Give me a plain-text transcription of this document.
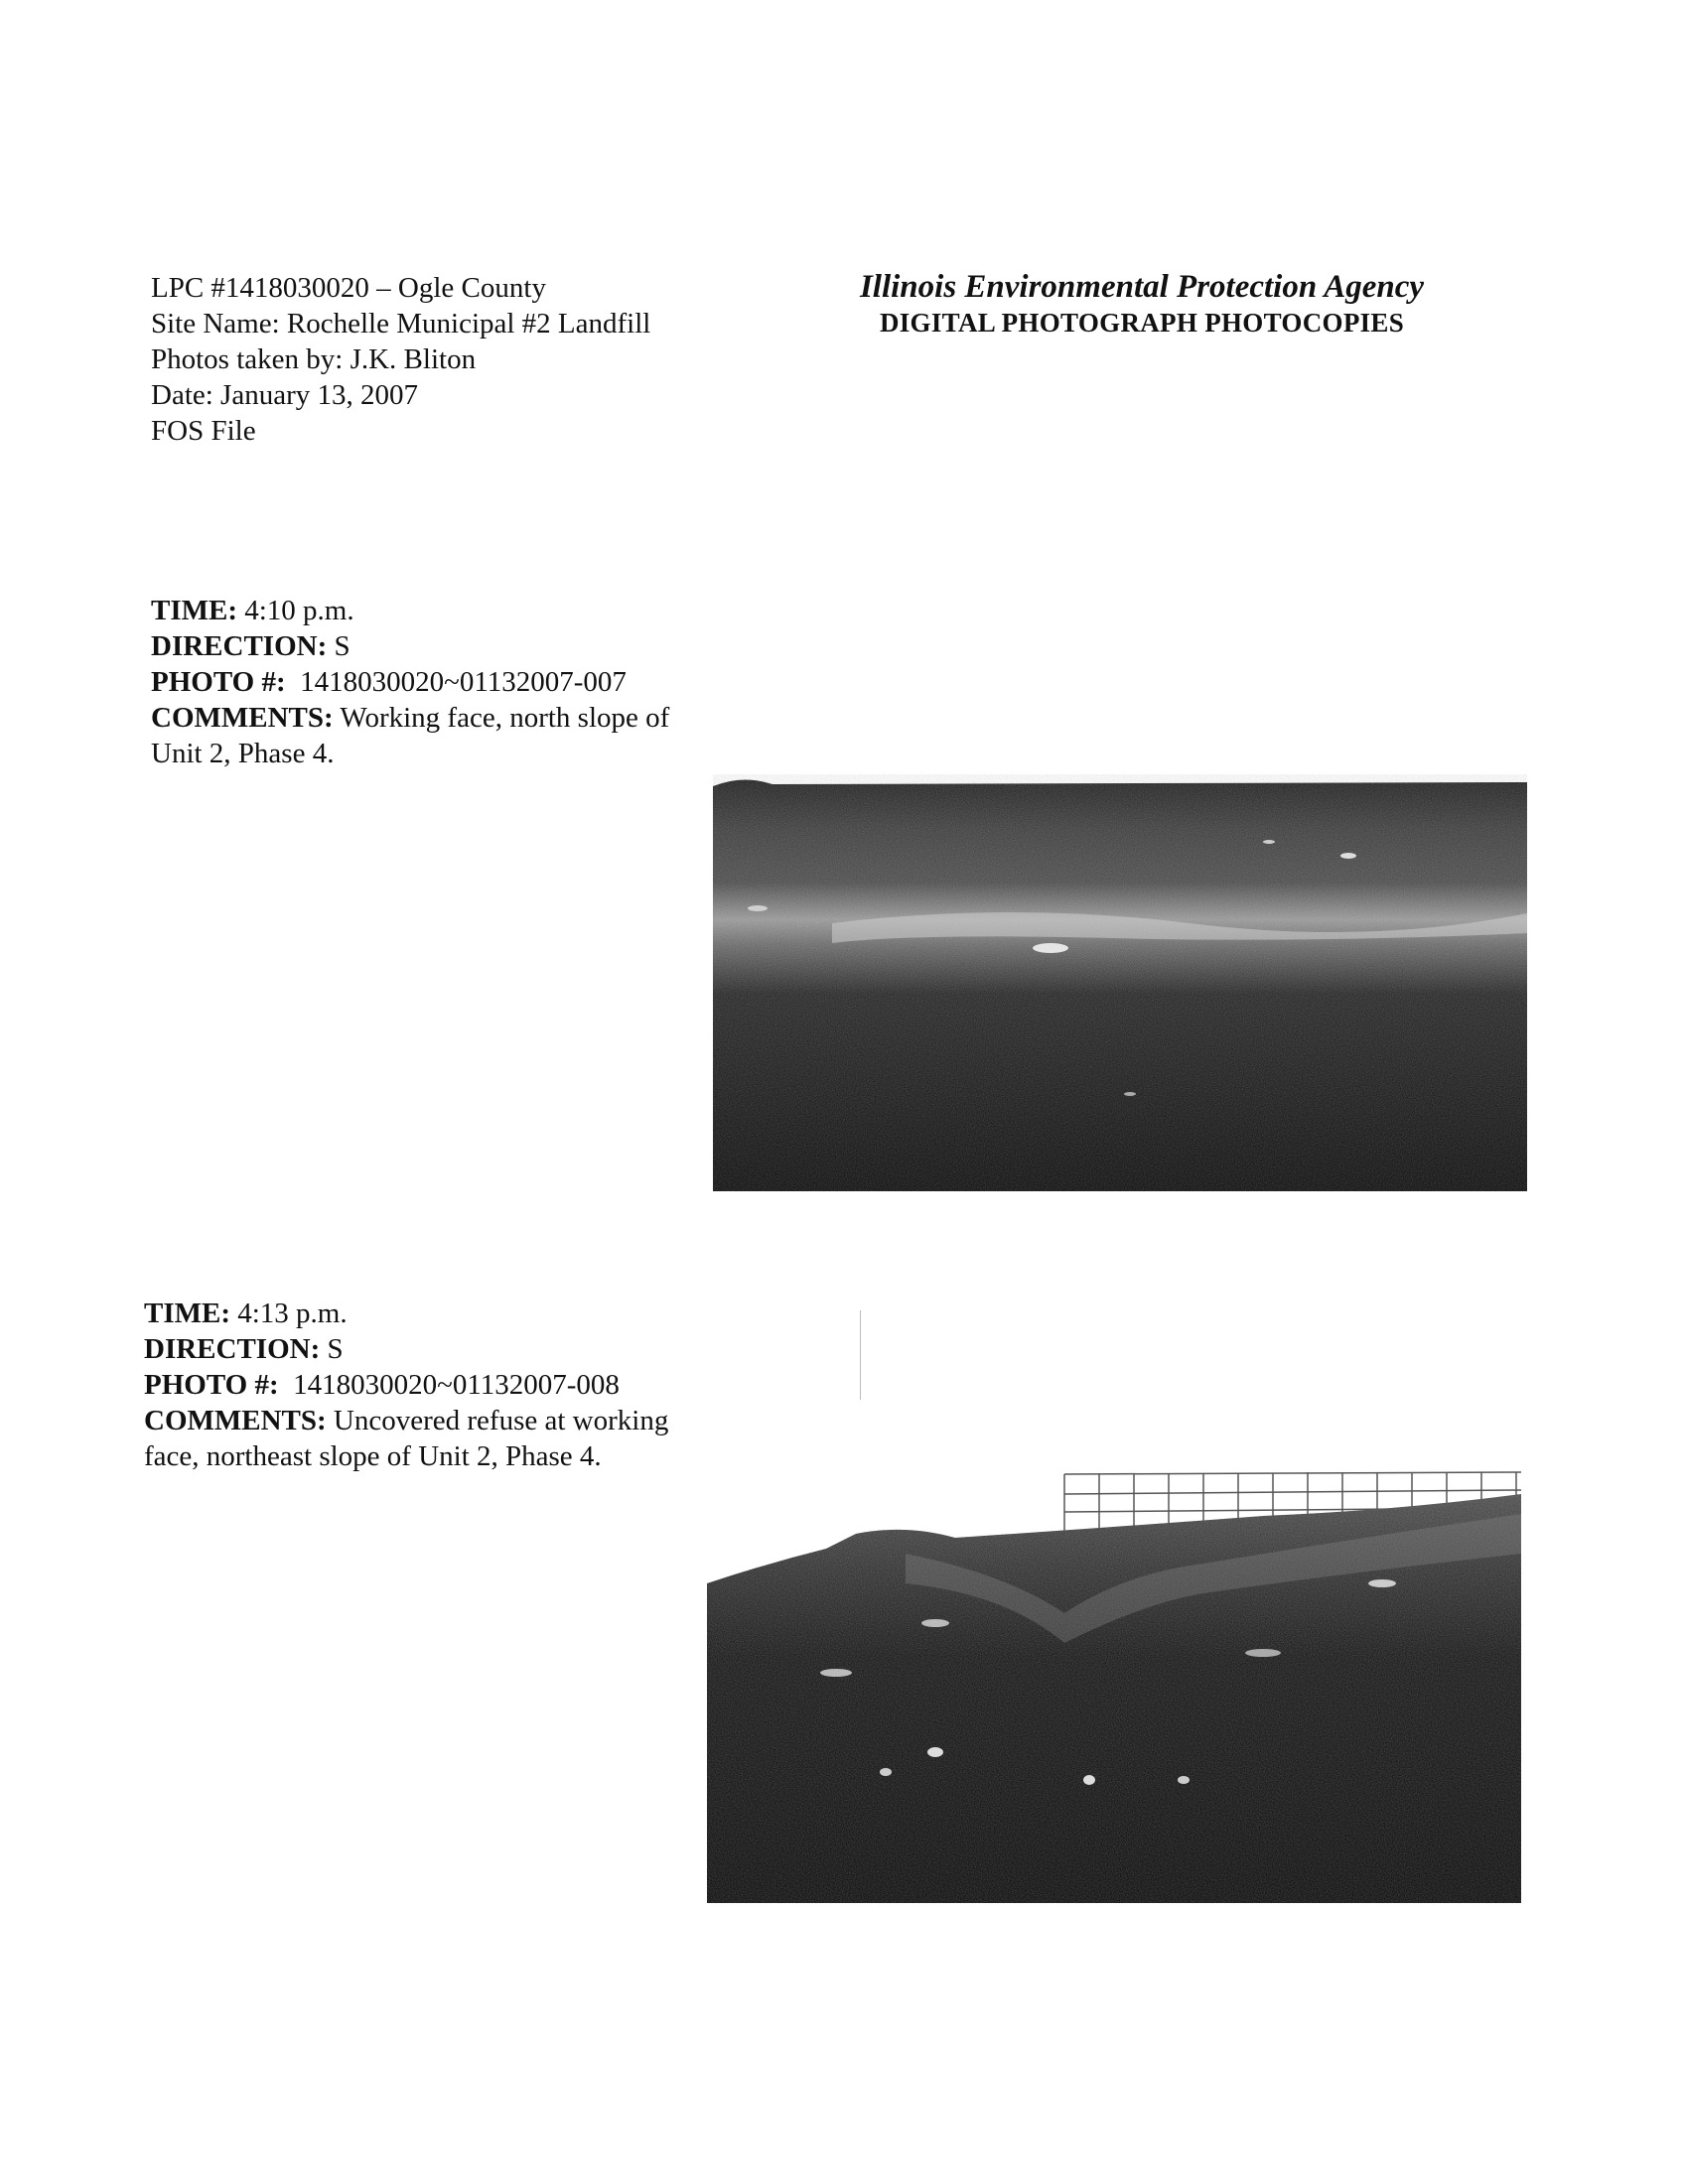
LPC #1418030020 – Ogle County
Site Name: Rochelle Municipal #2 Landfill
Photos taken by: J.K. Bliton
Date: January 13, 2007
FOS File
Illinois Environmental Protection Agency
DIGITAL PHOTOGRAPH PHOTOCOPIES
TIME: 4:10 p.m.
DIRECTION: S
PHOTO #: 1418030020~01132007-007
COMMENTS: Working face, north slope of Unit 2, Phase 4.
TIME: 4:13 p.m.
DIRECTION: S
PHOTO #: 1418030020~01132007-008
COMMENTS: Uncovered refuse at working face, northeast slope of Unit 2, Phase 4.
